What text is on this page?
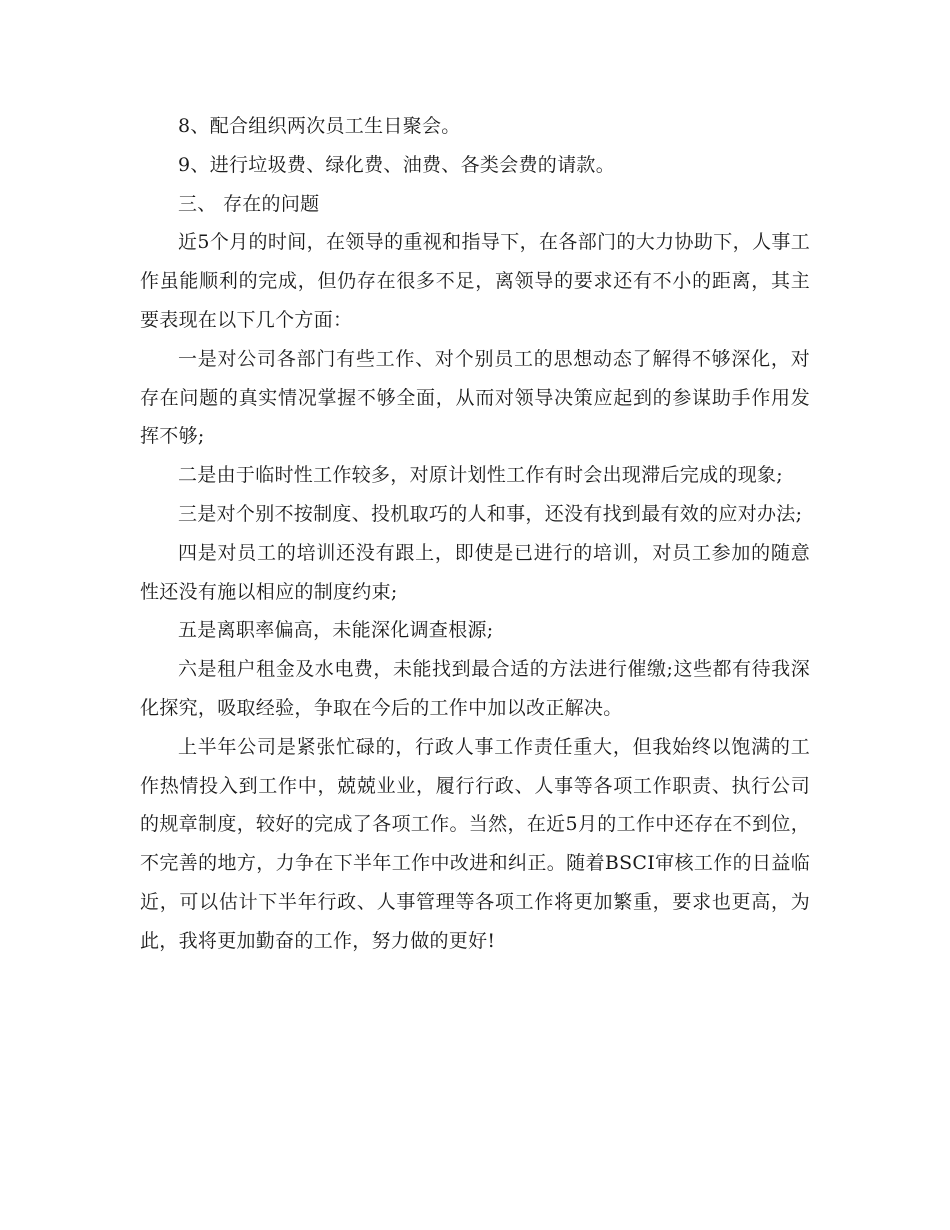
8、配合组织两次员工生日聚会。

9、进行垃圾费、绿化费、油费、各类会费的请款。

三、 存在的问题

近5个月的时间，在领导的重视和指导下，在各部门的大力协助下，人事工作虽能顺利的完成，但仍存在很多不足，离领导的要求还有不小的距离，其主要表现在以下几个方面：

一是对公司各部门有些工作、对个别员工的思想动态了解得不够深化，对存在问题的真实情况掌握不够全面，从而对领导决策应起到的参谋助手作用发挥不够;

二是由于临时性工作较多，对原计划性工作有时会出现滞后完成的现象;

三是对个别不按制度、投机取巧的人和事，还没有找到最有效的应对办法;

四是对员工的培训还没有跟上，即使是已进行的培训，对员工参加的随意性还没有施以相应的制度约束;

五是离职率偏高，未能深化调查根源;

六是租户租金及水电费，未能找到最合适的方法进行催缴;这些都有待我深化探究，吸取经验，争取在今后的工作中加以改正解决。

上半年公司是紧张忙碌的，行政人事工作责任重大，但我始终以饱满的工作热情投入到工作中，兢兢业业，履行行政、人事等各项工作职责、执行公司的规章制度，较好的完成了各项工作。当然，在近5月的工作中还存在不到位，不完善的地方，力争在下半年工作中改进和纠正。随着BSCI审核工作的日益临近，可以估计下半年行政、人事管理等各项工作将更加繁重，要求也更高，为此，我将更加勤奋的工作，努力做的更好!
